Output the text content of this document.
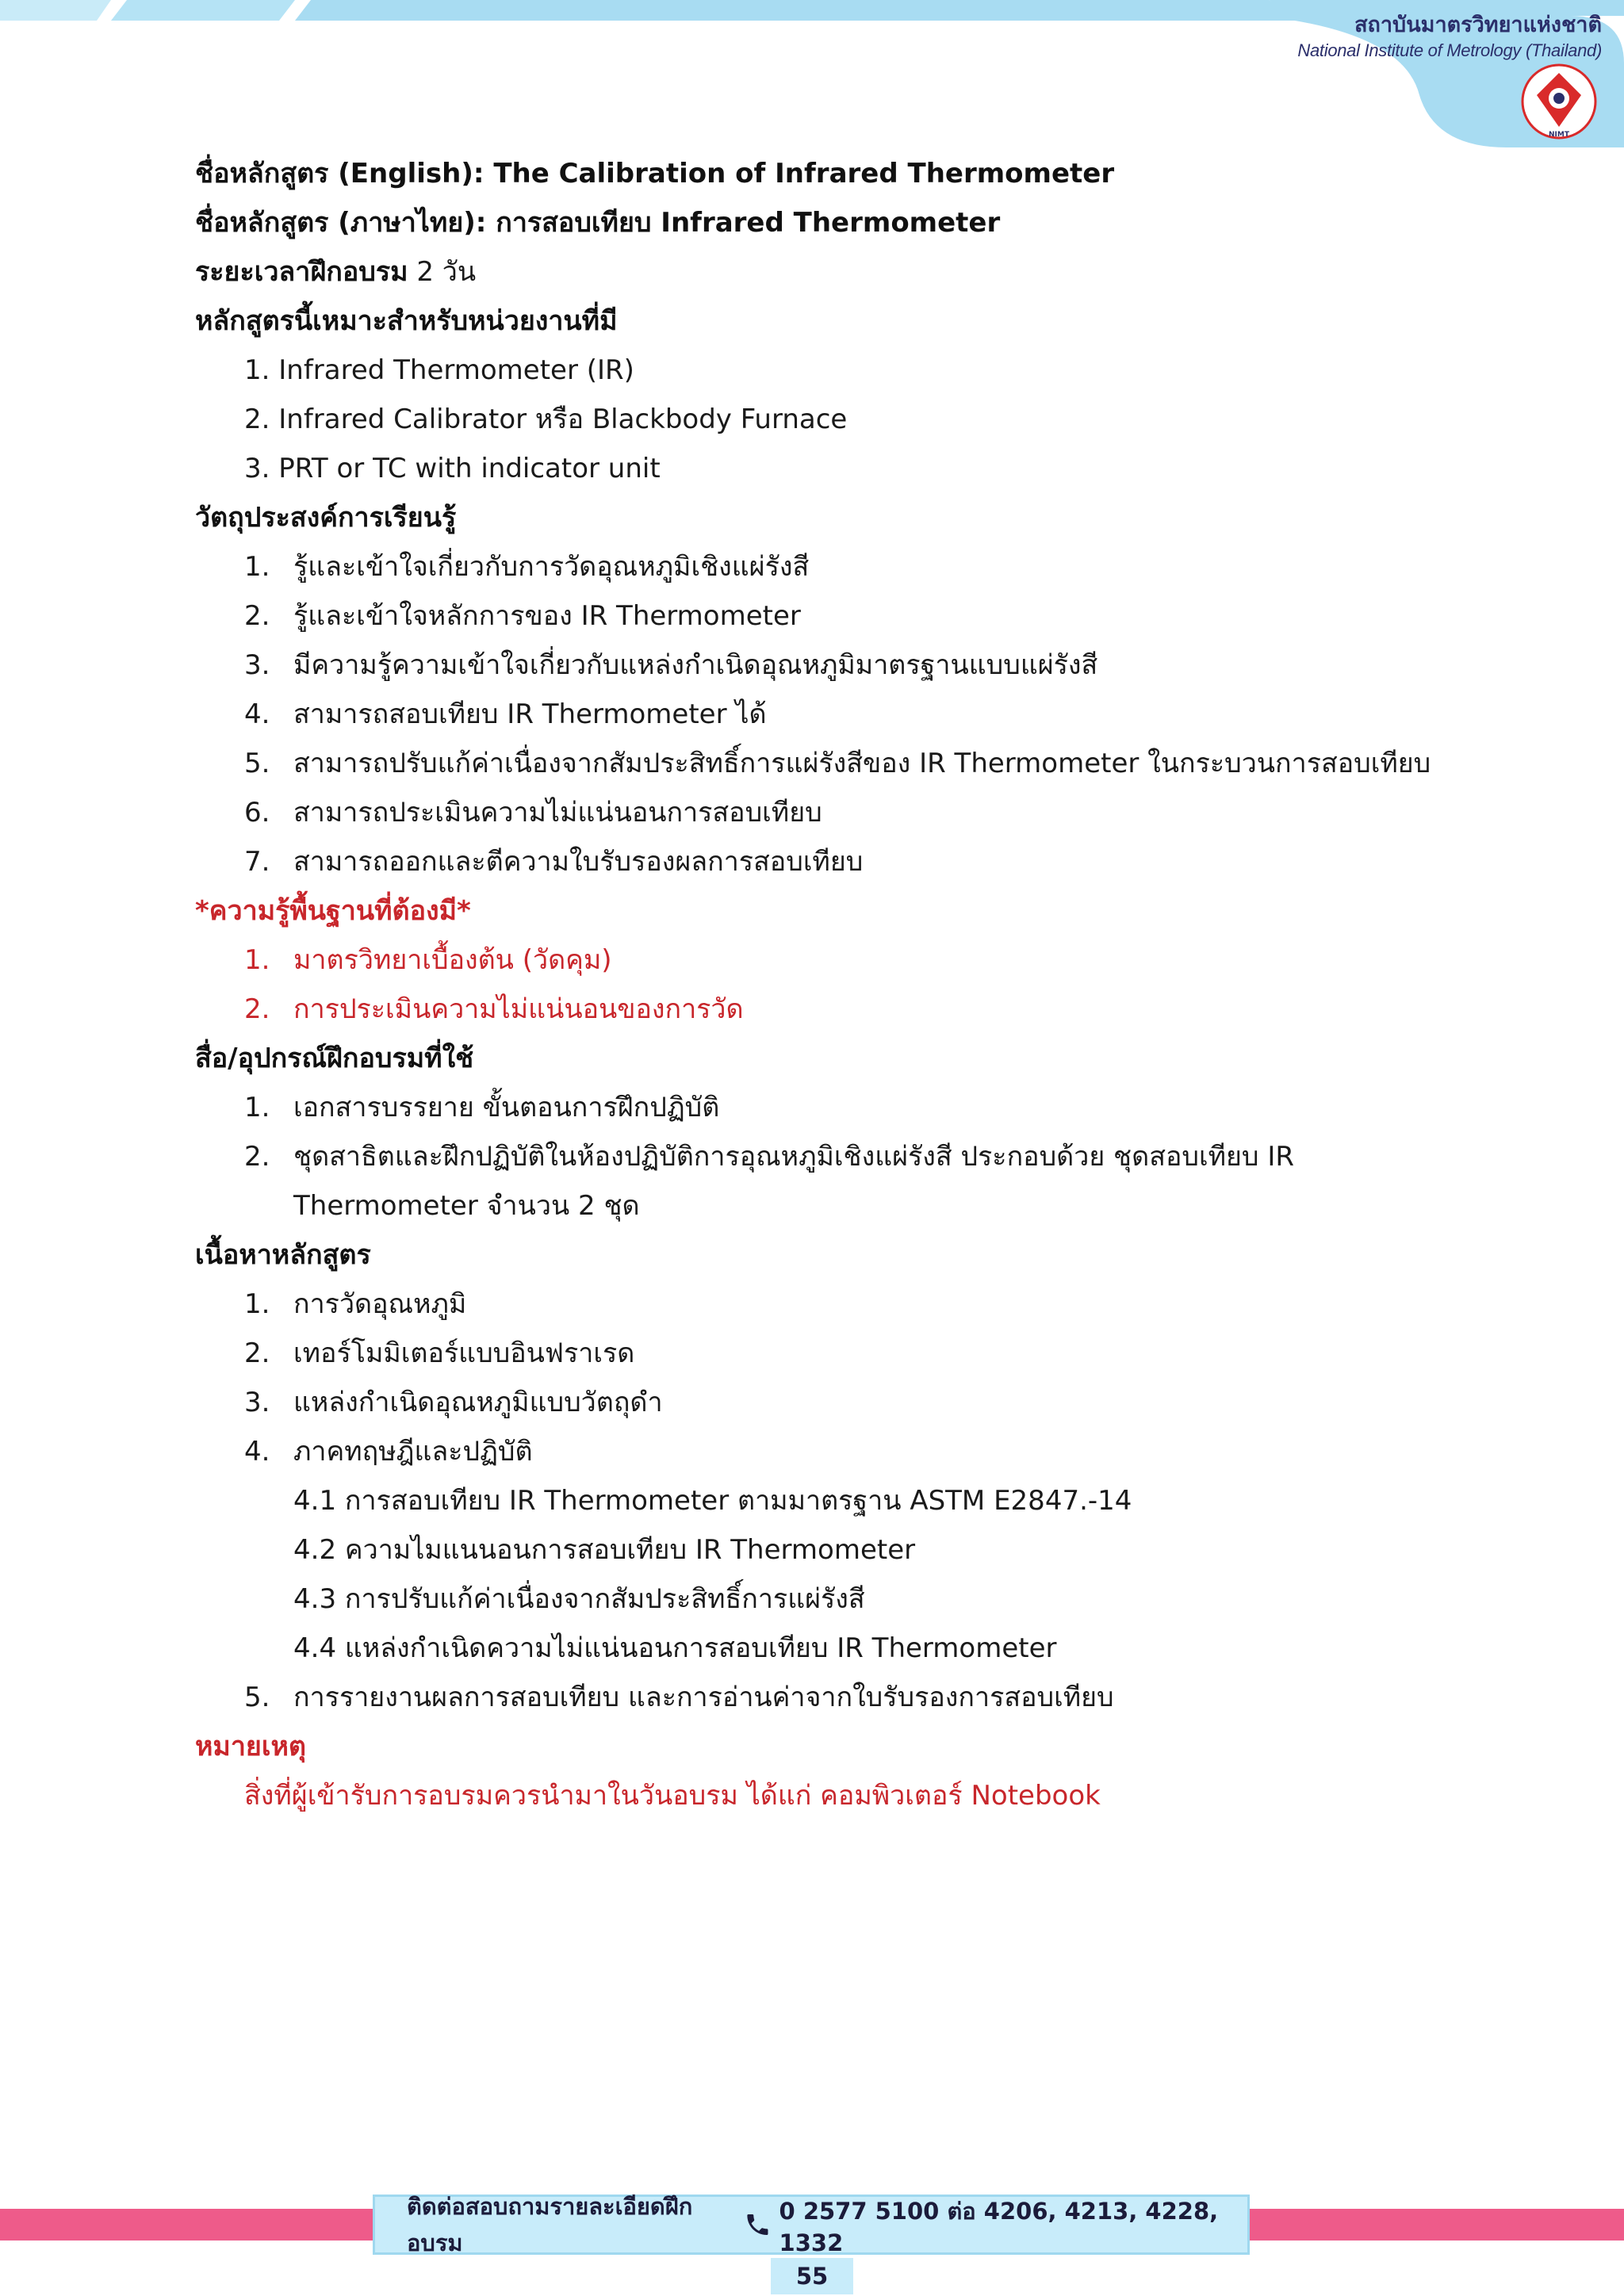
สถาบันมาตรวิทยาแห่งชาติ
National Institute of Metrology (Thailand)
NIMT
ชื่อหลักสูตร (English): The Calibration of Infrared Thermometer
ชื่อหลักสูตร (ภาษาไทย): การสอบเทียบ Infrared Thermometer
ระยะเวลาฝึกอบรม 2 วัน
หลักสูตรนี้เหมาะสำหรับหน่วยงานที่มี
1. Infrared Thermometer (IR)
2. Infrared Calibrator หรือ Blackbody Furnace
3. PRT or TC with indicator unit
วัตถุประสงค์การเรียนรู้
1. รู้และเข้าใจเกี่ยวกับการวัดอุณหภูมิเชิงแผ่รังสี
2. รู้และเข้าใจหลักการของ IR Thermometer
3. มีความรู้ความเข้าใจเกี่ยวกับแหล่งกำเนิดอุณหภูมิมาตรฐานแบบแผ่รังสี
4. สามารถสอบเทียบ IR Thermometer ได้
5. สามารถปรับแก้ค่าเนื่องจากสัมประสิทธิ์การแผ่รังสีของ IR Thermometer ในกระบวนการสอบเทียบ
6. สามารถประเมินความไม่แน่นอนการสอบเทียบ
7. สามารถออกและตีความใบรับรองผลการสอบเทียบ
*ความรู้พื้นฐานที่ต้องมี*
1. มาตรวิทยาเบื้องต้น (วัดคุม)
2. การประเมินความไม่แน่นอนของการวัด
สื่อ/อุปกรณ์ฝึกอบรมที่ใช้
1. เอกสารบรรยาย ขั้นตอนการฝึกปฏิบัติ
2. ชุดสาธิตและฝึกปฏิบัติในห้องปฏิบัติการอุณหภูมิเชิงแผ่รังสี ประกอบด้วย ชุดสอบเทียบ IR
Thermometer จำนวน 2 ชุด
เนื้อหาหลักสูตร
1. การวัดอุณหภูมิ
2. เทอร์โมมิเตอร์แบบอินฟราเรด
3. แหล่งกำเนิดอุณหภูมิแบบวัตถุดำ
4. ภาคทฤษฎีและปฏิบัติ
4.1 การสอบเทียบ IR Thermometer ตามมาตรฐาน ASTM E2847.-14
4.2 ความไมแนนอนการสอบเทียบ IR Thermometer
4.3 การปรับแก้ค่าเนื่องจากสัมประสิทธิ์การแผ่รังสี
4.4 แหล่งกำเนิดความไม่แน่นอนการสอบเทียบ IR Thermometer
5. การรายงานผลการสอบเทียบ และการอ่านค่าจากใบรับรองการสอบเทียบ
หมายเหตุ
สิ่งที่ผู้เข้ารับการอบรมควรนำมาในวันอบรม ได้แก่ คอมพิวเตอร์ Notebook
ติดต่อสอบถามรายละเอียดฝึกอบรม
0 2577 5100 ต่อ 4206, 4213, 4228, 1332
55
